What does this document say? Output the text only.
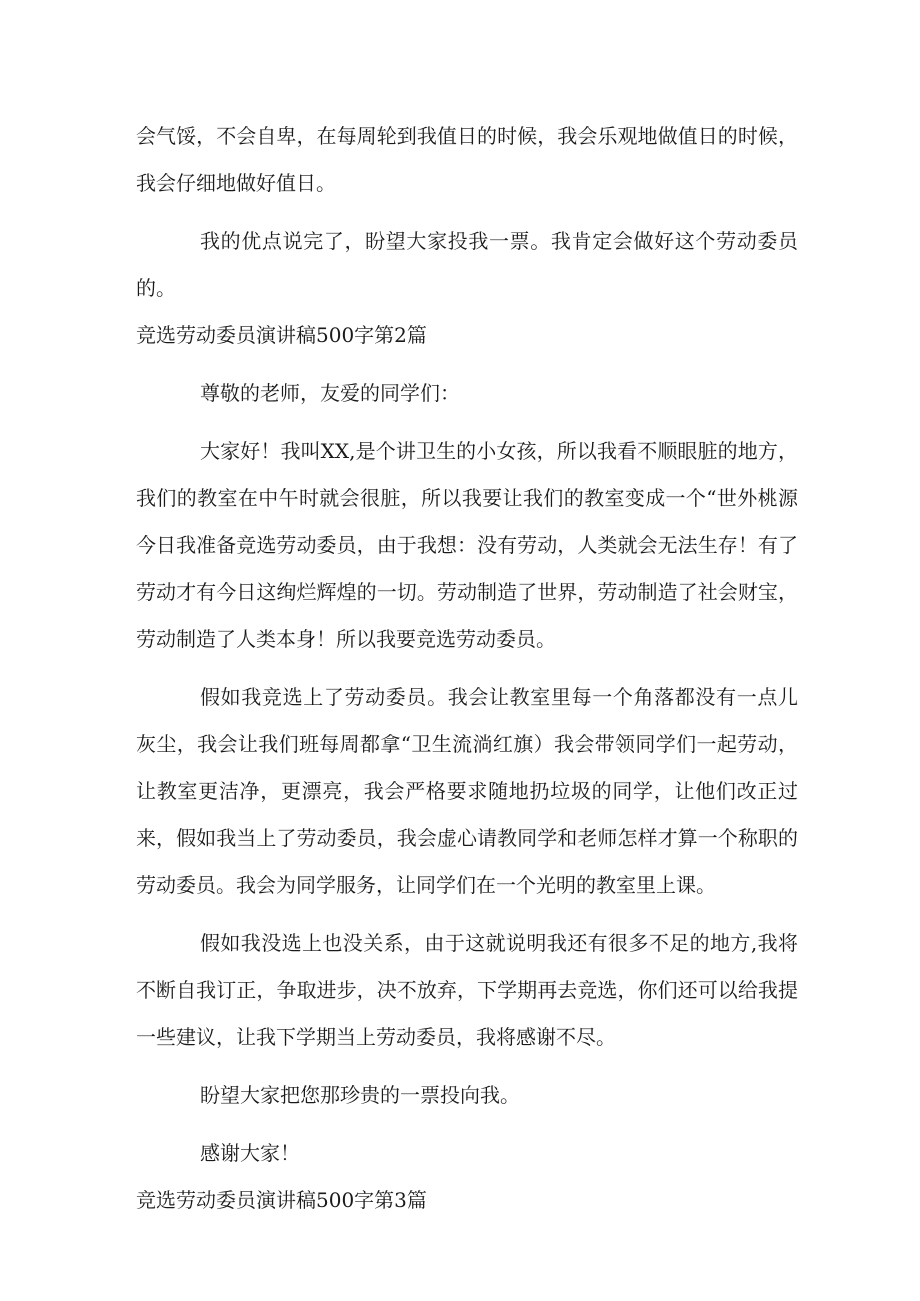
会气馁，不会自卑，在每周轮到我值日的时候，我会乐观地做值日的时候，我会仔细地做好值日。

我的优点说完了，盼望大家投我一票。我肯定会做好这个劳动委员的。

竞选劳动委员演讲稿500字第2篇

尊敬的老师，友爱的同学们：

大家好！我叫XX,是个讲卫生的小女孩，所以我看不顺眼脏的地方，我们的教室在中午时就会很脏，所以我要让我们的教室变成一个“世外桃源今日我准备竞选劳动委员，由于我想：没有劳动，人类就会无法生存！有了劳动才有今日这绚烂辉煌的一切。劳动制造了世界，劳动制造了社会财宝，劳动制造了人类本身！所以我要竞选劳动委员。

假如我竞选上了劳动委员。我会让教室里每一个角落都没有一点儿灰尘，我会让我们班每周都拿“卫生流淌红旗）我会带领同学们一起劳动，让教室更洁净，更漂亮，我会严格要求随地扔垃圾的同学，让他们改正过来，假如我当上了劳动委员，我会虚心请教同学和老师怎样才算一个称职的劳动委员。我会为同学服务，让同学们在一个光明的教室里上课。

假如我没选上也没关系，由于这就说明我还有很多不足的地方,我将不断自我订正，争取进步，决不放弃，下学期再去竞选，你们还可以给我提一些建议，让我下学期当上劳动委员，我将感谢不尽。

盼望大家把您那珍贵的一票投向我。

感谢大家！

竞选劳动委员演讲稿500字第3篇
